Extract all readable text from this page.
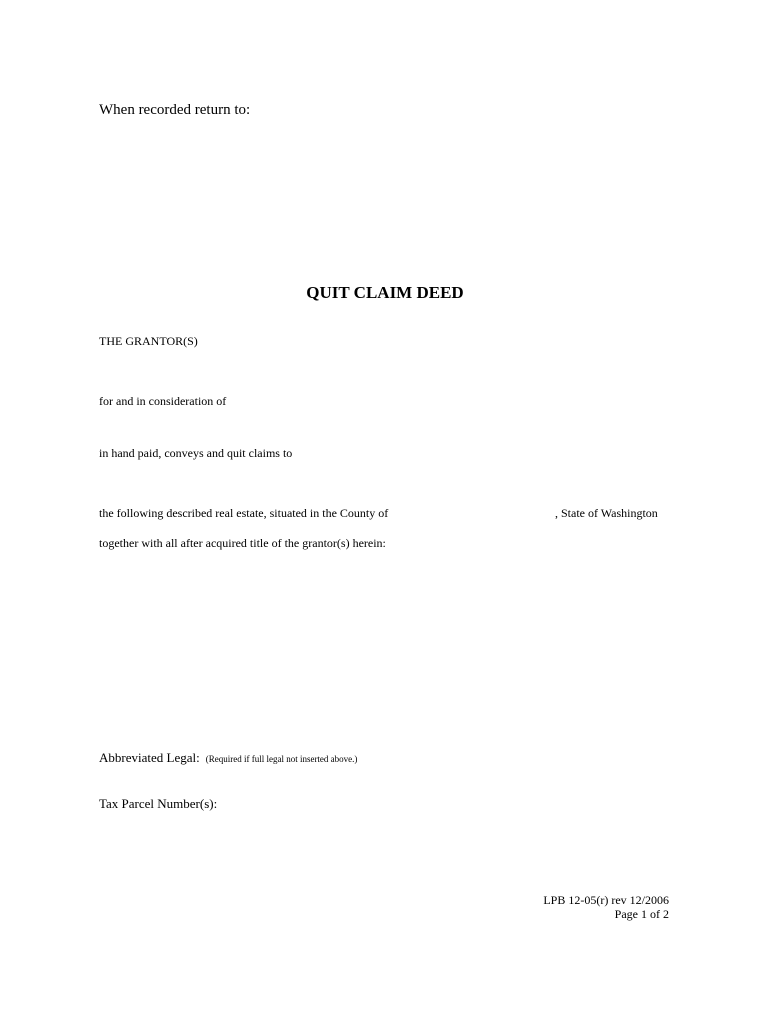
When recorded return to:
QUIT CLAIM DEED
THE GRANTOR(S)
for and in consideration of
in hand paid, conveys and quit claims to
the following described real estate, situated in the County of	, State of Washington
together with all after acquired title of the grantor(s) herein:
Abbreviated Legal: (Required if full legal not inserted above.)
Tax Parcel Number(s):
LPB 12-05(r) rev 12/2006
Page 1 of 2
